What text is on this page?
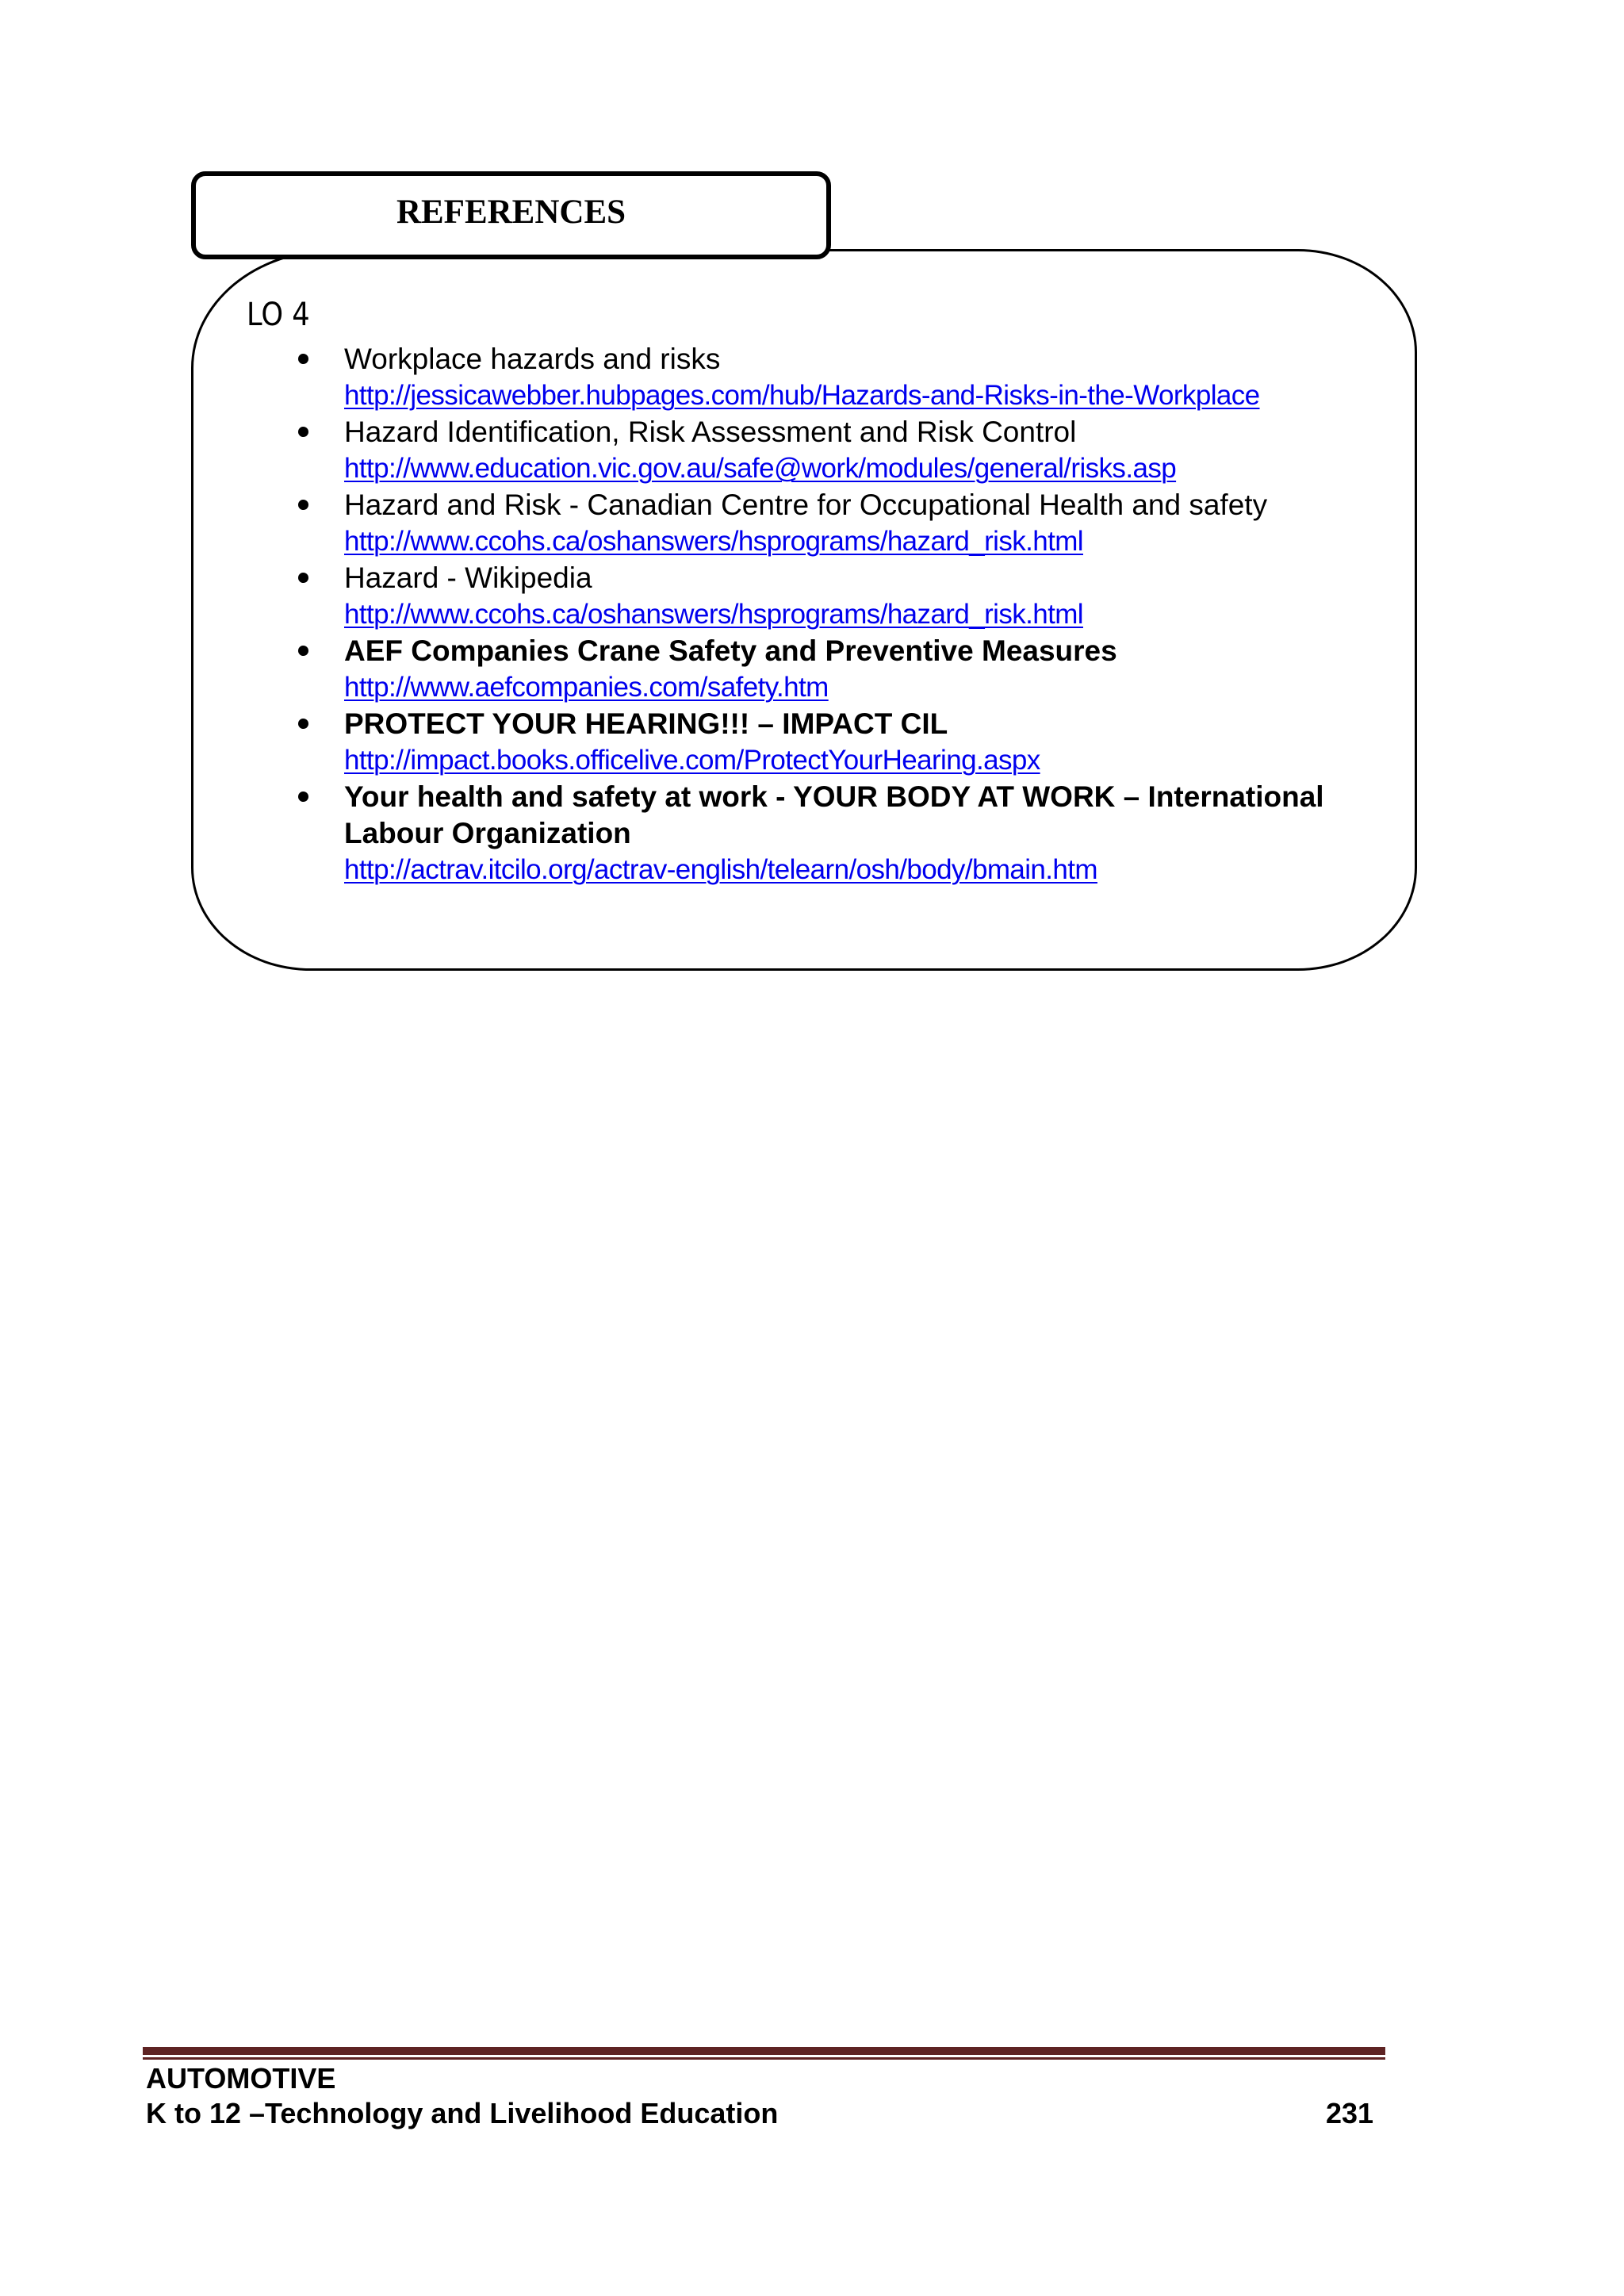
REFERENCES
LO 4
Workplace hazards and risks
http://jessicawebber.hubpages.com/hub/Hazards-and-Risks-in-the-Workplace
Hazard Identification, Risk Assessment and Risk Control
http://www.education.vic.gov.au/safe@work/modules/general/risks.asp
Hazard and Risk - Canadian Centre for Occupational Health and safety
http://www.ccohs.ca/oshanswers/hsprograms/hazard_risk.html
Hazard - Wikipedia
http://www.ccohs.ca/oshanswers/hsprograms/hazard_risk.html
AEF Companies Crane Safety and Preventive Measures
http://www.aefcompanies.com/safety.htm
PROTECT YOUR HEARING!!! – IMPACT CIL
http://impact.books.officelive.com/ProtectYourHearing.aspx
Your health and safety at work - YOUR BODY AT WORK – International Labour Organization
http://actrav.itcilo.org/actrav-english/telearn/osh/body/bmain.htm
AUTOMOTIVE
K to 12 –Technology and Livelihood Education	231
